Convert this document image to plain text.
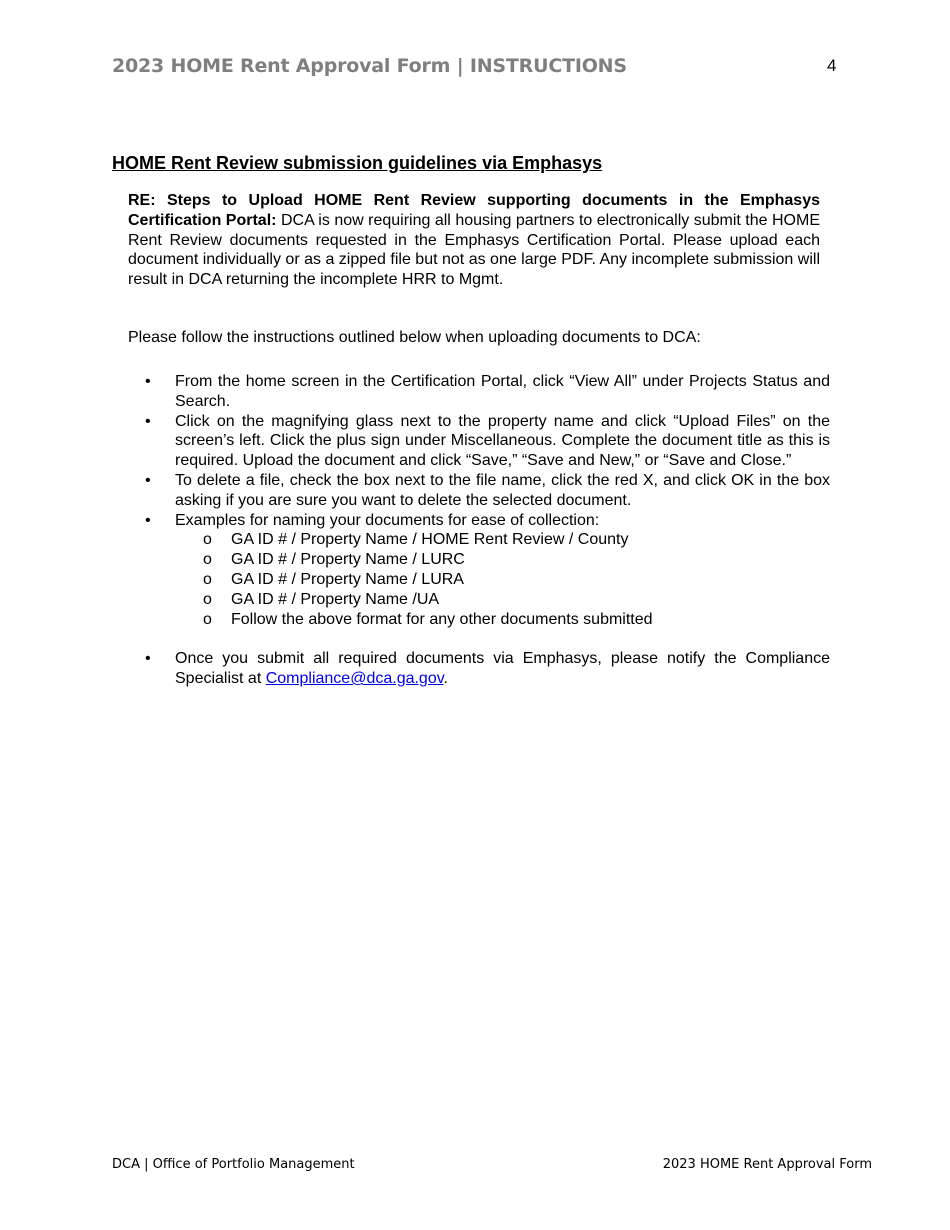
2023 HOME Rent Approval Form | INSTRUCTIONS	4
HOME Rent Review submission guidelines via Emphasys
RE: Steps to Upload HOME Rent Review supporting documents in the Emphasys Certification Portal: DCA is now requiring all housing partners to electronically submit the HOME Rent Review documents requested in the Emphasys Certification Portal. Please upload each document individually or as a zipped file but not as one large PDF. Any incomplete submission will result in DCA returning the incomplete HRR to Mgmt.
Please follow the instructions outlined below when uploading documents to DCA:
• From the home screen in the Certification Portal, click “View All” under Projects Status and Search.
• Click on the magnifying glass next to the property name and click “Upload Files” on the screen’s left. Click the plus sign under Miscellaneous. Complete the document title as this is required. Upload the document and click “Save,” “Save and New,” or “Save and Close.”
• To delete a file, check the box next to the file name, click the red X, and click OK in the box asking if you are sure you want to delete the selected document.
• Examples for naming your documents for ease of collection:
o GA ID # / Property Name / HOME Rent Review / County
o GA ID # / Property Name / LURC
o GA ID # / Property Name / LURA
o GA ID # / Property Name /UA
o Follow the above format for any other documents submitted
• Once you submit all required documents via Emphasys, please notify the Compliance Specialist at Compliance@dca.ga.gov.
DCA | Office of Portfolio Management	2023 HOME Rent Approval Form
